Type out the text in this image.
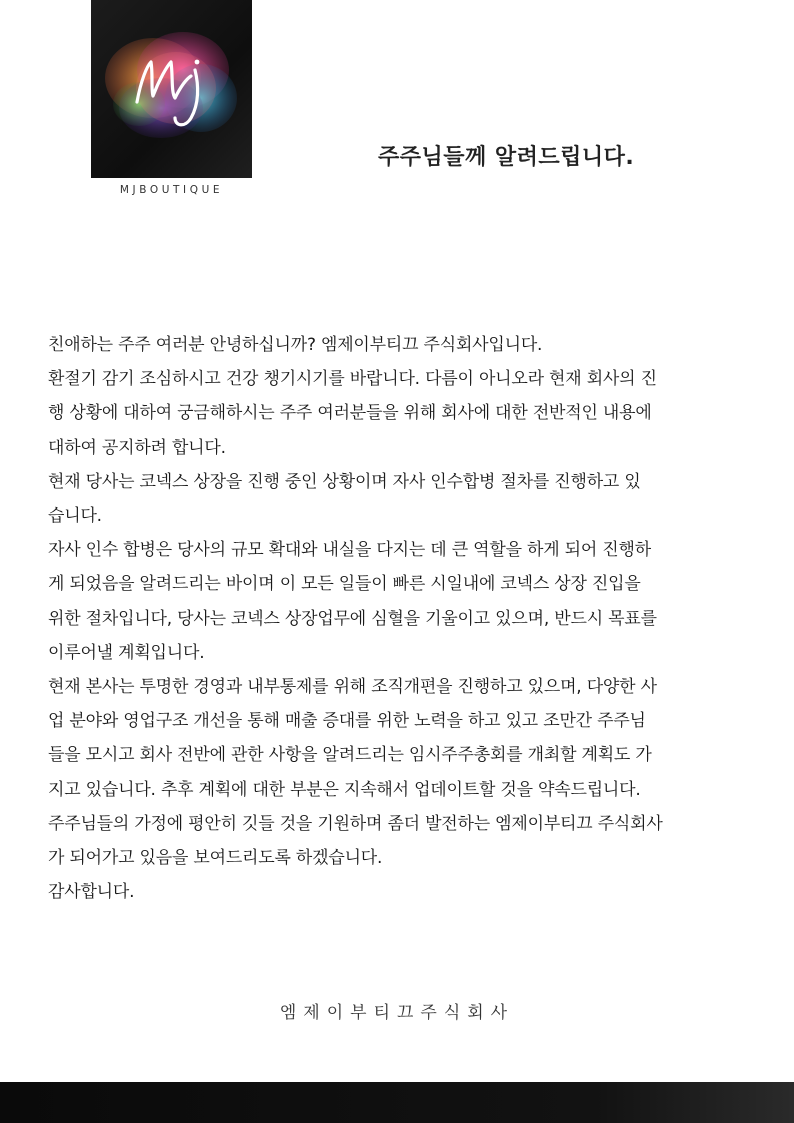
MJBOUTIQUE
주주님들께 알려드립니다.
친애하는 주주 여러분 안녕하십니까? 엠제이부티끄 주식회사입니다.
환절기 감기 조심하시고 건강 챙기시기를 바랍니다. 다름이 아니오라 현재 회사의 진
행 상황에 대하여 궁금해하시는 주주 여러분들을 위해 회사에 대한 전반적인 내용에
대하여 공지하려 합니다.
현재 당사는 코넥스 상장을 진행 중인 상황이며 자사 인수합병 절차를 진행하고 있
습니다.
자사 인수 합병은 당사의 규모 확대와 내실을 다지는 데 큰 역할을 하게 되어 진행하
게 되었음을 알려드리는 바이며 이 모든 일들이 빠른 시일내에 코넥스 상장 진입을
위한 절차입니다, 당사는 코넥스 상장업무에 심혈을 기울이고 있으며, 반드시 목표를
이루어낼 계획입니다.
현재 본사는 투명한 경영과 내부통제를 위해 조직개편을 진행하고 있으며, 다양한 사
업 분야와 영업구조 개선을 통해 매출 증대를 위한 노력을 하고 있고 조만간 주주님
들을 모시고 회사 전반에 관한 사항을 알려드리는 임시주주총회를 개최할 계획도 가
지고 있습니다. 추후 계획에 대한 부분은 지속해서 업데이트할 것을 약속드립니다.
주주님들의 가정에 평안히 깃들 것을 기원하며 좀더 발전하는 엠제이부티끄 주식회사
가 되어가고 있음을 보여드리도록 하겠습니다.
감사합니다.
엠제이부티끄주식회사
